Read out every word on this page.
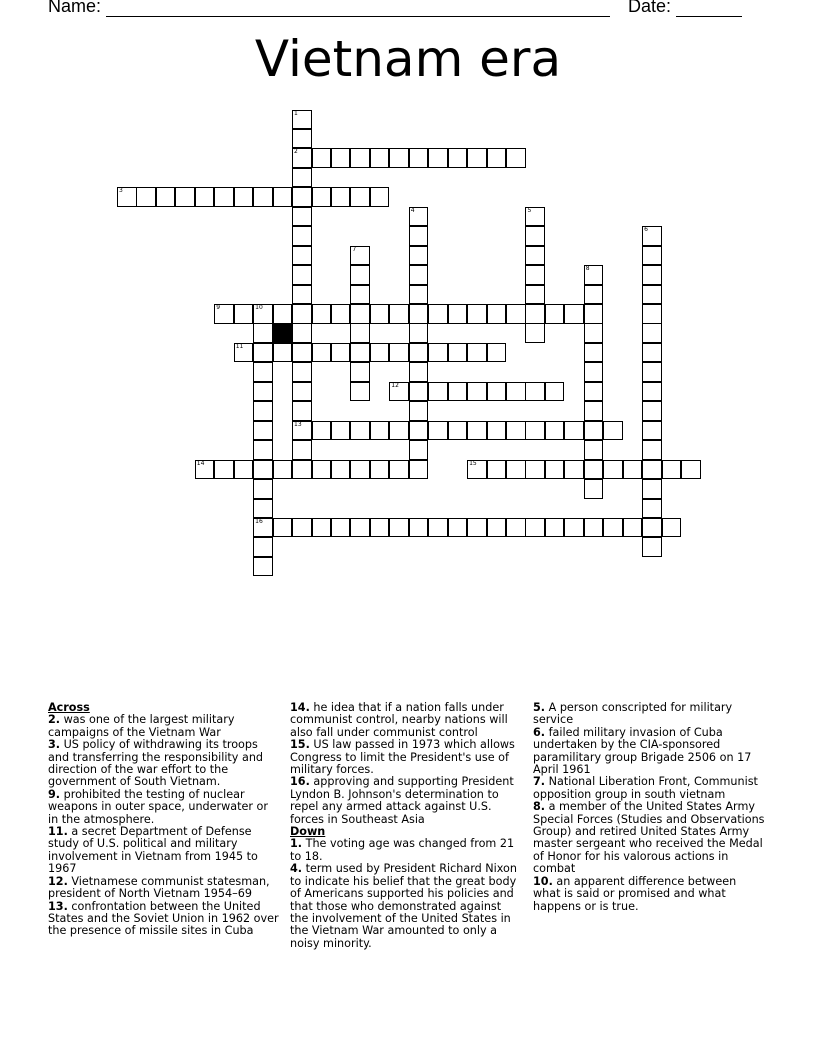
Name:	Date:
Vietnam era
1
2
13
3
4	5
6
7
8
9	10
16
11
12
14	15
Across
2. was one of the largest military campaigns of the Vietnam War
3. US policy of withdrawing its troops and transferring the responsibility and direction of the war effort to the government of South Vietnam.
9. prohibited the testing of nuclear weapons in outer space, underwater or in the atmosphere.
11. a secret Department of Defense study of U.S. political and military involvement in Vietnam from 1945 to 1967
12. Vietnamese communist statesman, president of North Vietnam 1954–69
13. confrontation between the United States and the Soviet Union in 1962 over the presence of missile sites in Cuba
14. he idea that if a nation falls under communist control, nearby nations will also fall under communist control
15. US law passed in 1973 which allows Congress to limit the President's use of military forces.
16. approving and supporting President Lyndon B. Johnson's determination to repel any armed attack against U.S. forces in Southeast Asia
Down
1. The voting age was changed from 21 to 18.
4. term used by President Richard Nixon to indicate his belief that the great body of Americans supported his policies and that those who demonstrated against the involvement of the United States in the Vietnam War amounted to only a noisy minority.
5. A person conscripted for military service
6. failed military invasion of Cuba undertaken by the CIA-sponsored paramilitary group Brigade 2506 on 17 April 1961
7. National Liberation Front, Communist opposition group in south vietnam
8. a member of the United States Army Special Forces (Studies and Observations Group) and retired United States Army master sergeant who received the Medal of Honor for his valorous actions in combat
10. an apparent difference between what is said or promised and what happens or is true.
